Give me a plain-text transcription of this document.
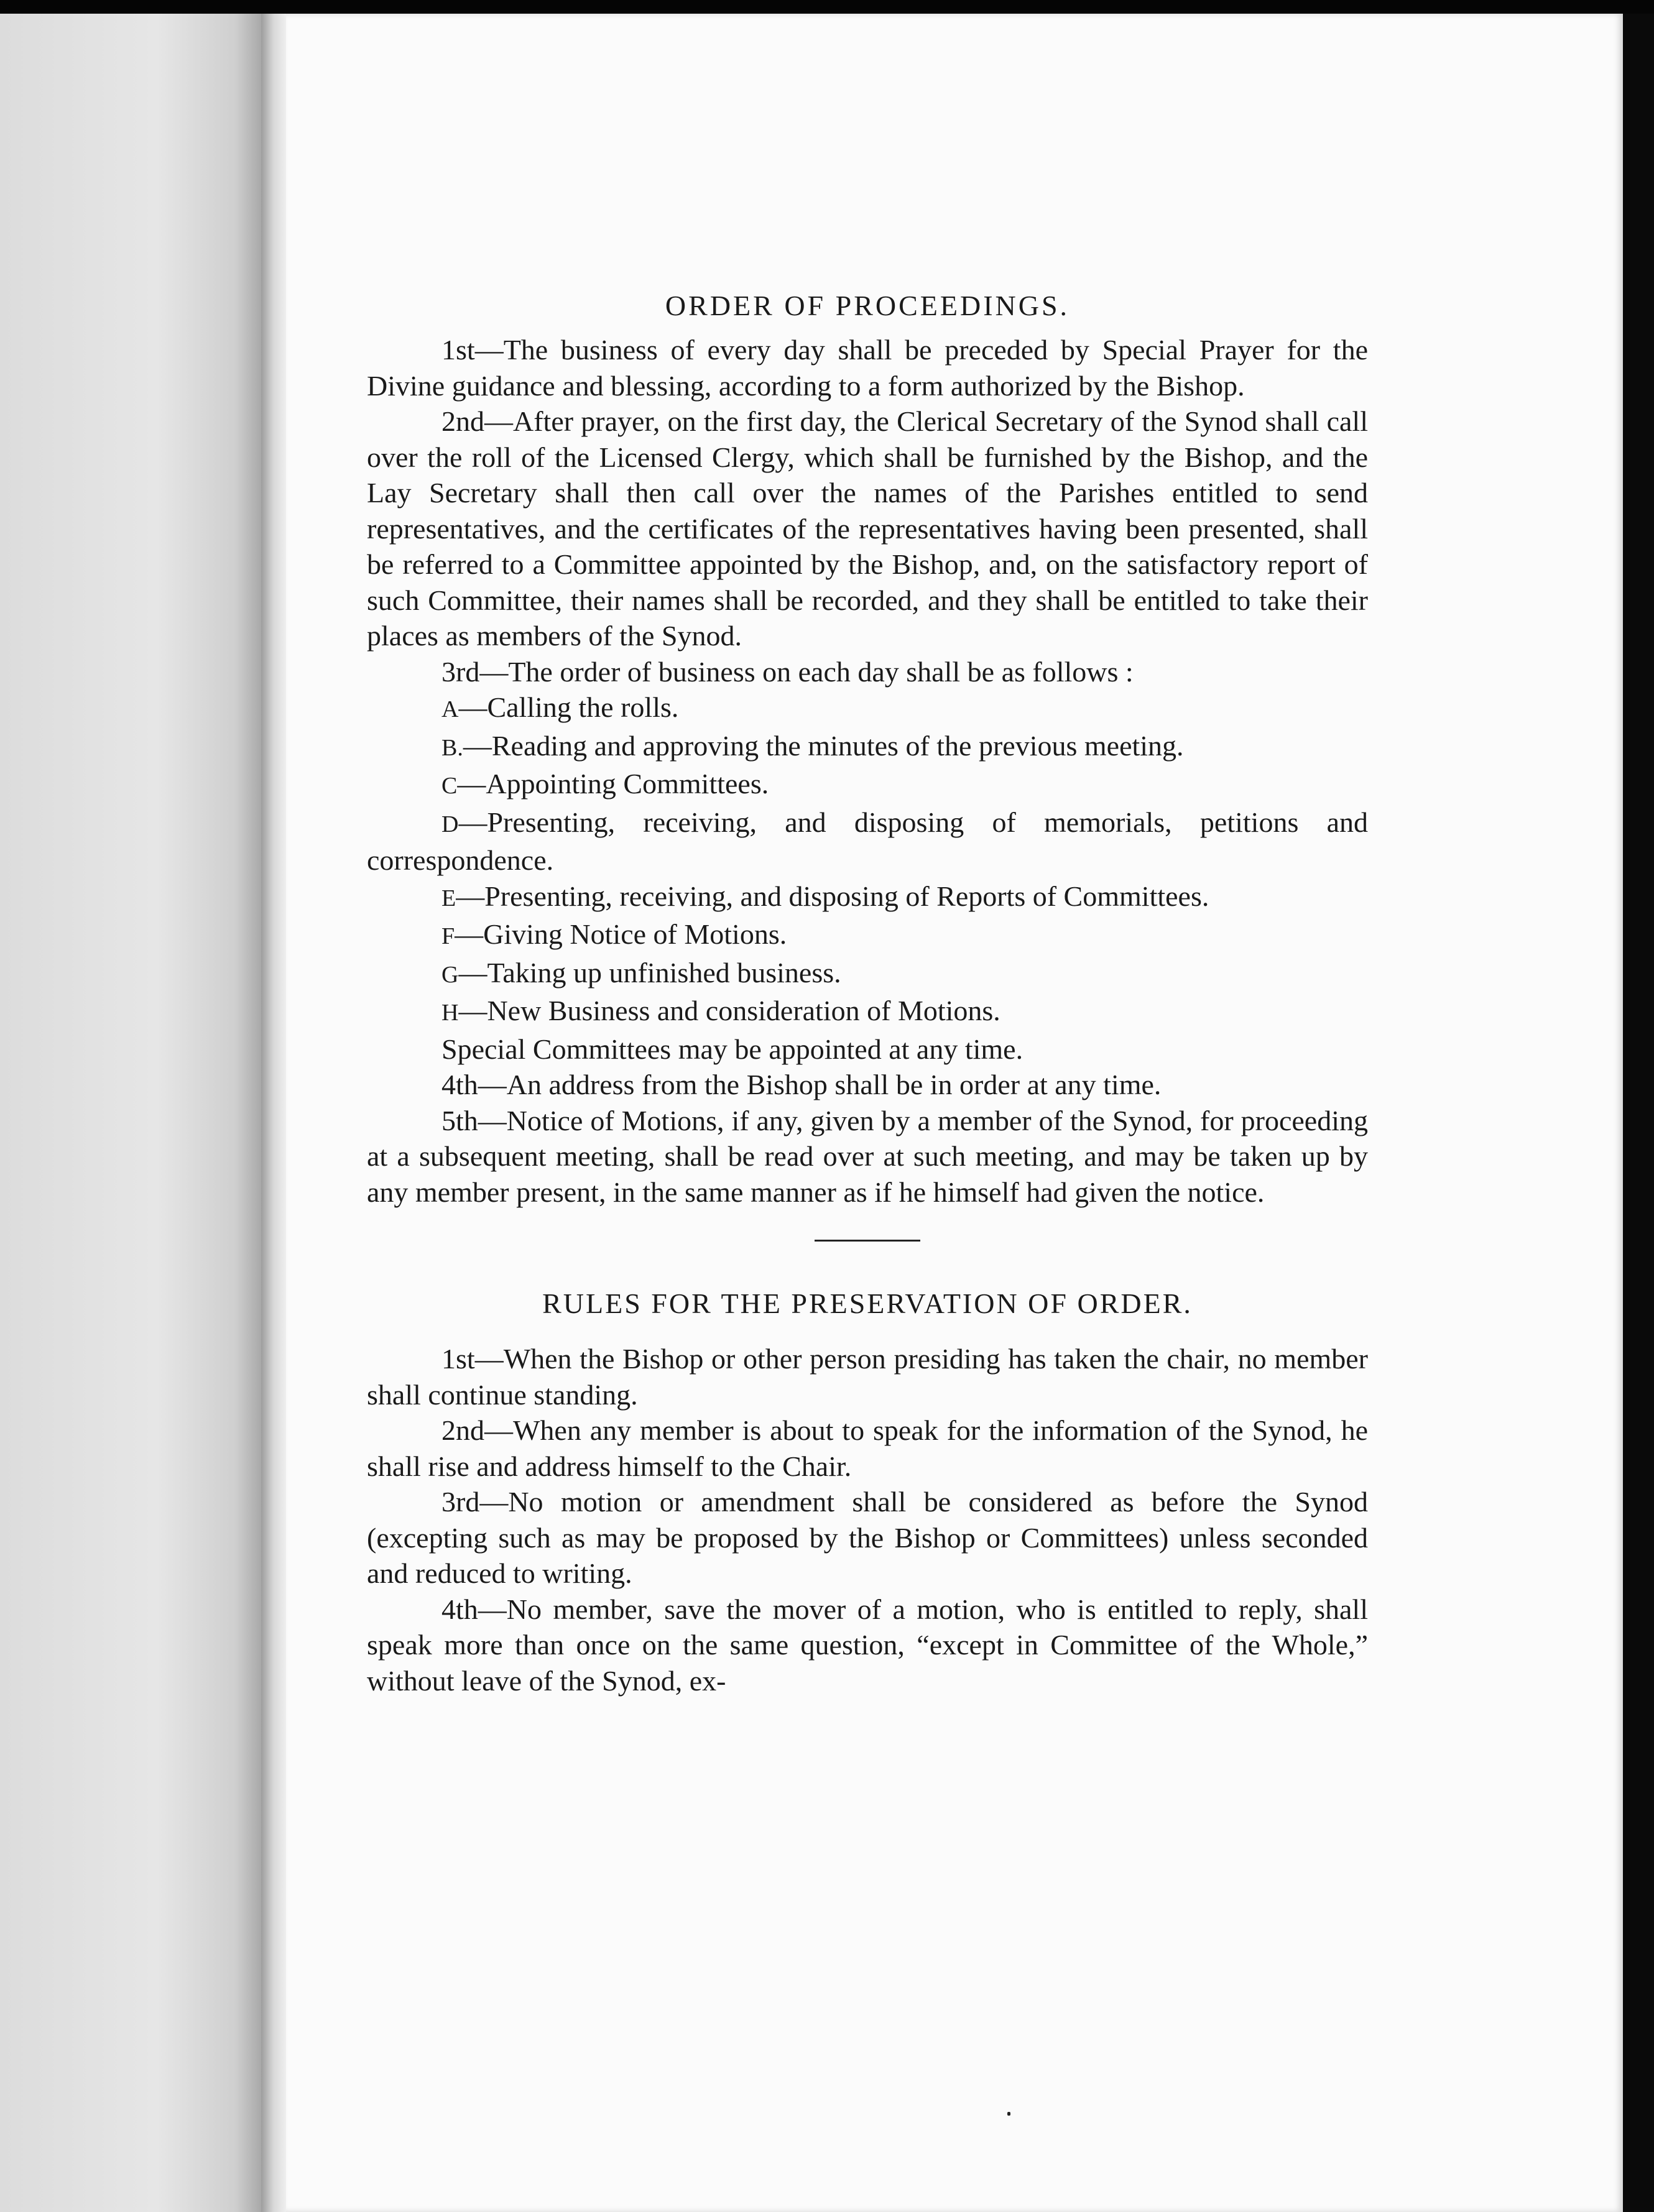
ORDER OF PROCEEDINGS.

1st—The business of every day shall be preceded by Special Prayer for the Divine guidance and blessing, according to a form authorized by the Bishop.

2nd—After prayer, on the first day, the Clerical Secretary of the Synod shall call over the roll of the Licensed Clergy, which shall be furnished by the Bishop, and the Lay Secretary shall then call over the names of the Parishes entitled to send representatives, and the certificates of the representatives having been presented, shall be referred to a Committee appointed by the Bishop, and, on the satisfactory report of such Committee, their names shall be recorded, and they shall be entitled to take their places as members of the Synod.

3rd—The order of business on each day shall be as follows :

A—Calling the rolls.

B.—Reading and approving the minutes of the previous meeting.

C—Appointing Committees.

D—Presenting, receiving, and disposing of memorials, petitions and correspondence.

E—Presenting, receiving, and disposing of Reports of Committees.

F—Giving Notice of Motions.

G—Taking up unfinished business.

H—New Business and consideration of Motions.

Special Committees may be appointed at any time.

4th—An address from the Bishop shall be in order at any time.

5th—Notice of Motions, if any, given by a member of the Synod, for proceeding at a subsequent meeting, shall be read over at such meeting, and may be taken up by any member present, in the same manner as if he himself had given the notice.

RULES FOR THE PRESERVATION OF ORDER.

1st—When the Bishop or other person presiding has taken the chair, no member shall continue standing.

2nd—When any member is about to speak for the information of the Synod, he shall rise and address himself to the Chair.

3rd—No motion or amendment shall be considered as before the Synod (excepting such as may be proposed by the Bishop or Committees) unless seconded and reduced to writing.

4th—No member, save the mover of a motion, who is entitled to reply, shall speak more than once on the same question, “except in Committee of the Whole,” without leave of the Synod, ex-
